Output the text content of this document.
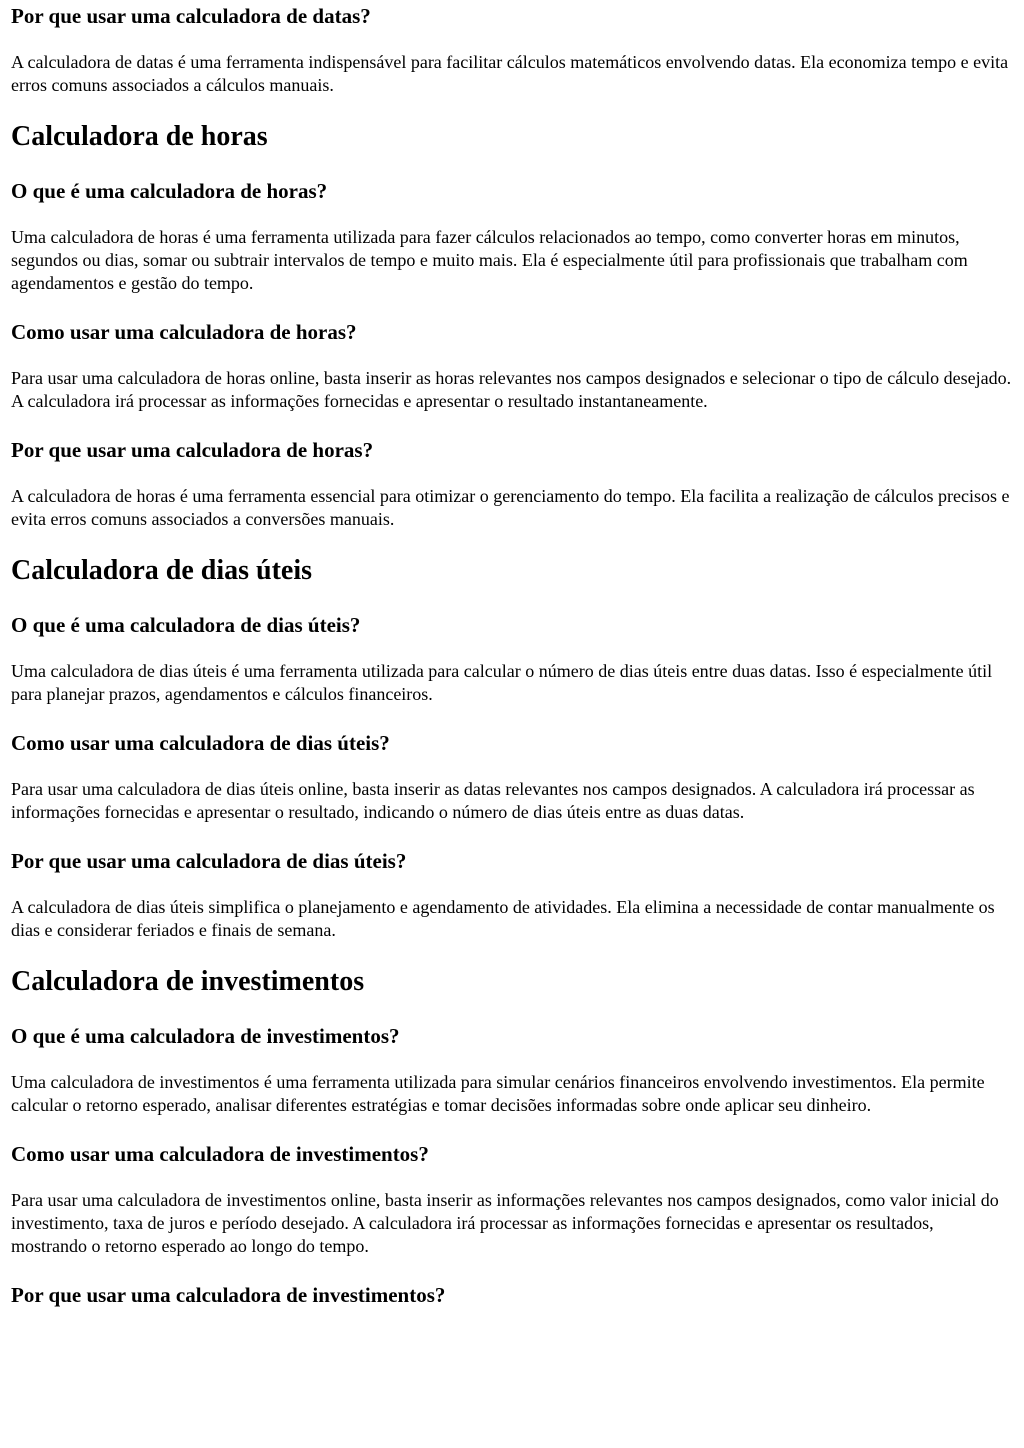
Por que usar uma calculadora de datas?

A calculadora de datas é uma ferramenta indispensável para facilitar cálculos matemáticos envolvendo datas. Ela economiza tempo e evita erros comuns associados a cálculos manuais.

Calculadora de horas
O que é uma calculadora de horas?

Uma calculadora de horas é uma ferramenta utilizada para fazer cálculos relacionados ao tempo, como converter horas em minutos, segundos ou dias, somar ou subtrair intervalos de tempo e muito mais. Ela é especialmente útil para profissionais que trabalham com agendamentos e gestão do tempo.

Como usar uma calculadora de horas?

Para usar uma calculadora de horas online, basta inserir as horas relevantes nos campos designados e selecionar o tipo de cálculo desejado. A calculadora irá processar as informações fornecidas e apresentar o resultado instantaneamente.

Por que usar uma calculadora de horas?

A calculadora de horas é uma ferramenta essencial para otimizar o gerenciamento do tempo. Ela facilita a realização de cálculos precisos e evita erros comuns associados a conversões manuais.

Calculadora de dias úteis
O que é uma calculadora de dias úteis?

Uma calculadora de dias úteis é uma ferramenta utilizada para calcular o número de dias úteis entre duas datas. Isso é especialmente útil para planejar prazos, agendamentos e cálculos financeiros.

Como usar uma calculadora de dias úteis?

Para usar uma calculadora de dias úteis online, basta inserir as datas relevantes nos campos designados. A calculadora irá processar as informações fornecidas e apresentar o resultado, indicando o número de dias úteis entre as duas datas.

Por que usar uma calculadora de dias úteis?

A calculadora de dias úteis simplifica o planejamento e agendamento de atividades. Ela elimina a necessidade de contar manualmente os dias e considerar feriados e finais de semana.

Calculadora de investimentos
O que é uma calculadora de investimentos?

Uma calculadora de investimentos é uma ferramenta utilizada para simular cenários financeiros envolvendo investimentos. Ela permite calcular o retorno esperado, analisar diferentes estratégias e tomar decisões informadas sobre onde aplicar seu dinheiro.

Como usar uma calculadora de investimentos?

Para usar uma calculadora de investimentos online, basta inserir as informações relevantes nos campos designados, como valor inicial do investimento, taxa de juros e período desejado. A calculadora irá processar as informações fornecidas e apresentar os resultados, mostrando o retorno esperado ao longo do tempo.

Por que usar uma calculadora de investimentos?
